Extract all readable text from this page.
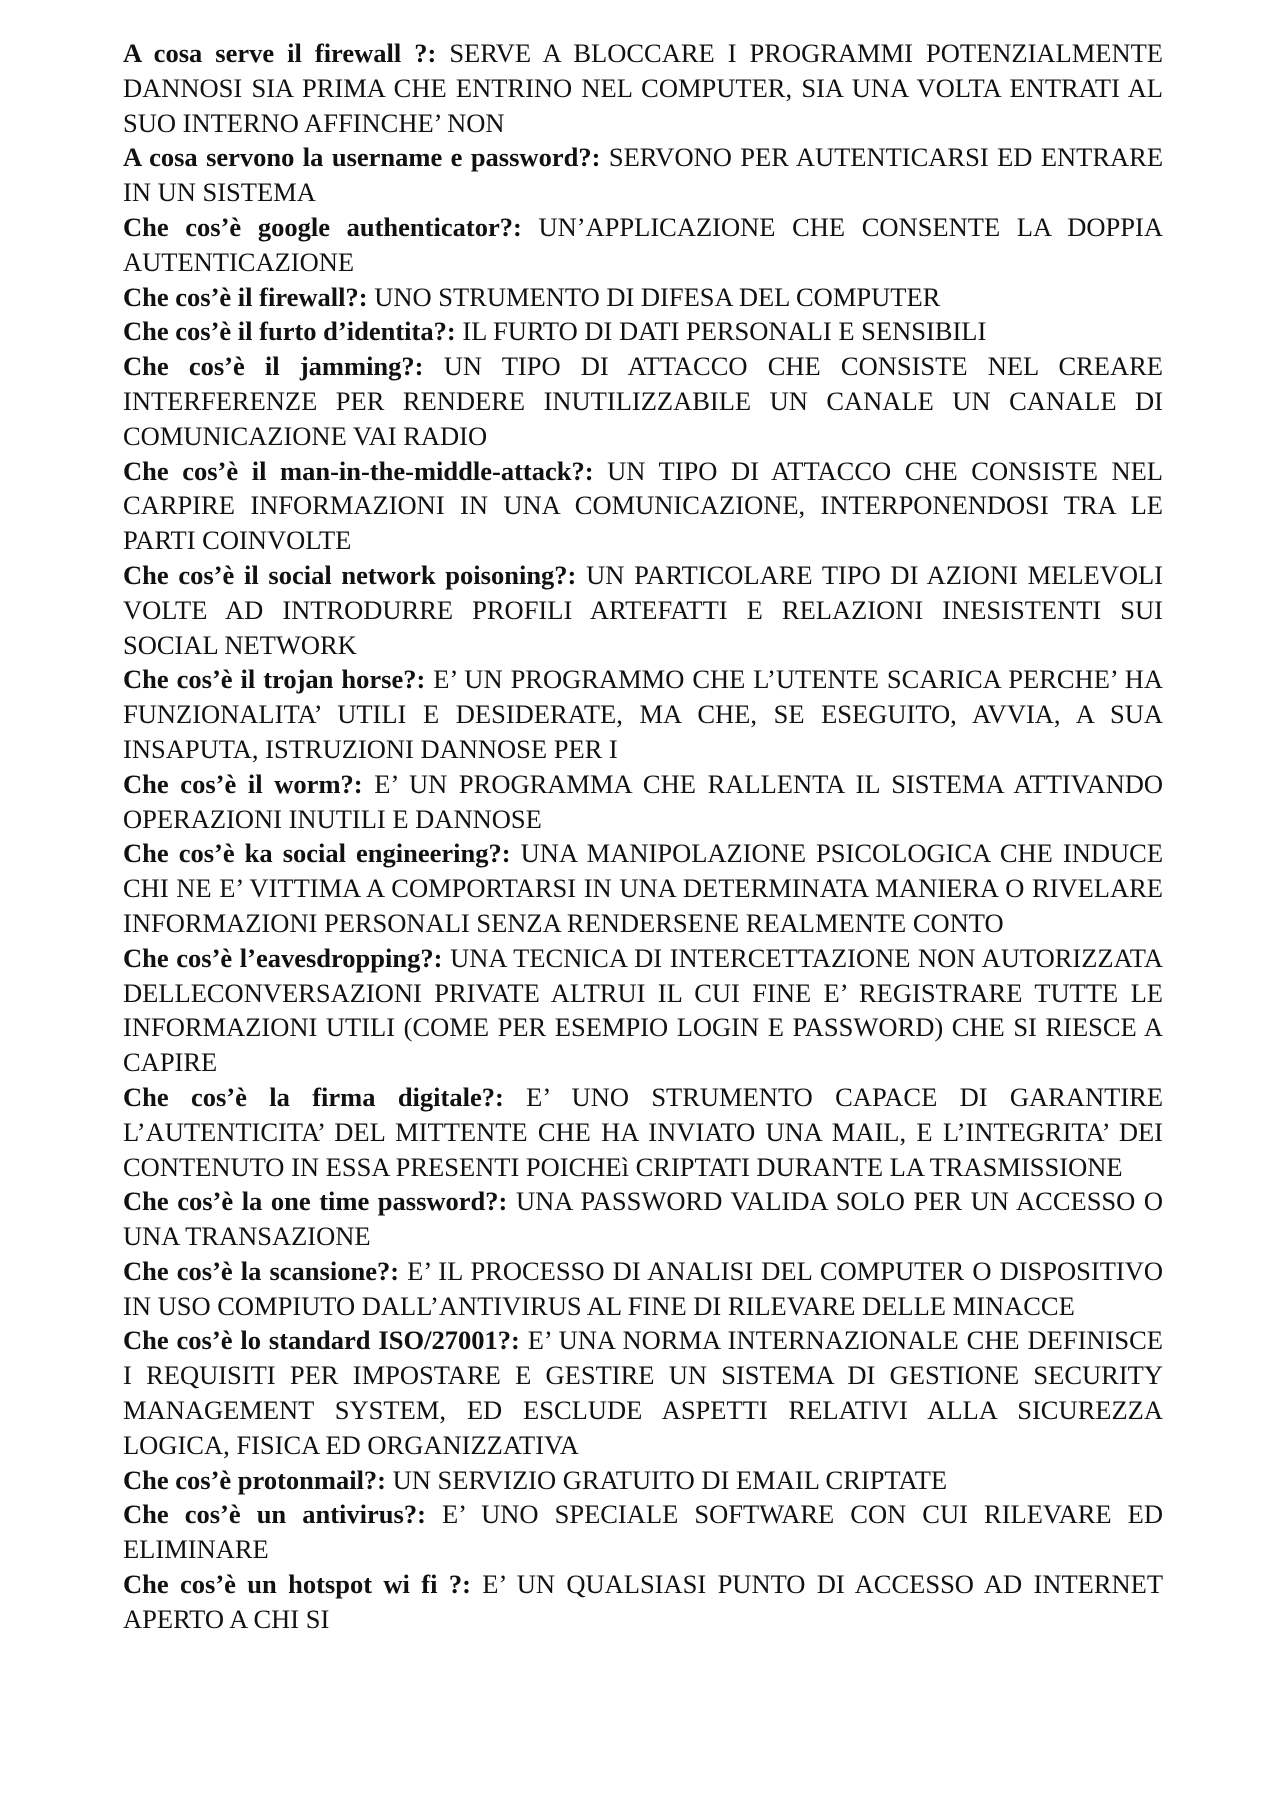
A cosa serve il firewall ?: SERVE A BLOCCARE I PROGRAMMI POTENZIALMENTE DANNOSI SIA PRIMA CHE ENTRINO NEL COMPUTER, SIA UNA VOLTA ENTRATI AL SUO INTERNO AFFINCHE’ NON

A cosa servono la username e password?: SERVONO PER AUTENTICARSI ED ENTRARE IN UN SISTEMA

Che cos’è google authenticator?: UN’APPLICAZIONE CHE CONSENTE LA DOPPIA AUTENTICAZIONE

Che cos’è il firewall?: UNO STRUMENTO DI DIFESA DEL COMPUTER

Che cos’è il furto d’identita?: IL FURTO DI DATI PERSONALI E SENSIBILI

Che cos’è il jamming?: UN TIPO DI ATTACCO CHE CONSISTE NEL CREARE INTERFERENZE PER RENDERE INUTILIZZABILE UN CANALE UN CANALE DI COMUNICAZIONE VAI RADIO

Che cos’è il man-in-the-middle-attack?: UN TIPO DI ATTACCO CHE CONSISTE NEL CARPIRE INFORMAZIONI IN UNA COMUNICAZIONE, INTERPONENDOSI TRA LE PARTI COINVOLTE

Che cos’è il social network poisoning?: UN PARTICOLARE TIPO DI AZIONI MELEVOLI VOLTE AD INTRODURRE PROFILI ARTEFATTI E RELAZIONI INESISTENTI SUI SOCIAL NETWORK

Che cos’è il trojan horse?: E’ UN PROGRAMMO CHE L’UTENTE SCARICA PERCHE’ HA FUNZIONALITA’ UTILI E DESIDERATE, MA CHE, SE ESEGUITO, AVVIA, A SUA INSAPUTA, ISTRUZIONI DANNOSE PER I

Che cos’è il worm?: E’ UN PROGRAMMA CHE RALLENTA IL SISTEMA ATTIVANDO OPERAZIONI INUTILI E DANNOSE

Che cos’è ka social engineering?: UNA MANIPOLAZIONE PSICOLOGICA CHE INDUCE CHI NE E’ VITTIMA A COMPORTARSI IN UNA DETERMINATA MANIERA O RIVELARE INFORMAZIONI PERSONALI SENZA RENDERSENE REALMENTE CONTO

Che cos’è l’eavesdropping?: UNA TECNICA DI INTERCETTAZIONE NON AUTORIZZATA DELLECONVERSAZIONI PRIVATE ALTRUI IL CUI FINE E’ REGISTRARE TUTTE LE INFORMAZIONI UTILI (COME PER ESEMPIO LOGIN E PASSWORD) CHE SI RIESCE A CAPIRE

Che cos’è la firma digitale?: E’ UNO STRUMENTO CAPACE DI GARANTIRE L’AUTENTICITA’ DEL MITTENTE CHE HA INVIATO UNA MAIL, E L’INTEGRITA’ DEI CONTENUTO IN ESSA PRESENTI POICHEì CRIPTATI DURANTE LA TRASMISSIONE

Che cos’è la one time password?: UNA PASSWORD VALIDA SOLO PER UN ACCESSO O UNA TRANSAZIONE

Che cos’è la scansione?: E’ IL PROCESSO DI ANALISI DEL COMPUTER O DISPOSITIVO IN USO COMPIUTO DALL’ANTIVIRUS AL FINE DI RILEVARE DELLE MINACCE

Che cos’è lo standard ISO/27001?: E’ UNA NORMA INTERNAZIONALE CHE DEFINISCE I REQUISITI PER IMPOSTARE E GESTIRE UN SISTEMA DI GESTIONE SECURITY MANAGEMENT SYSTEM, ED ESCLUDE ASPETTI RELATIVI ALLA SICUREZZA LOGICA, FISICA ED ORGANIZZATIVA

Che cos’è protonmail?: UN SERVIZIO GRATUITO DI EMAIL CRIPTATE

Che cos’è un antivirus?: E’ UNO SPECIALE SOFTWARE CON CUI RILEVARE ED ELIMINARE

Che cos’è un hotspot wi fi ?: E’ UN QUALSIASI PUNTO DI ACCESSO AD INTERNET APERTO A CHI SI
